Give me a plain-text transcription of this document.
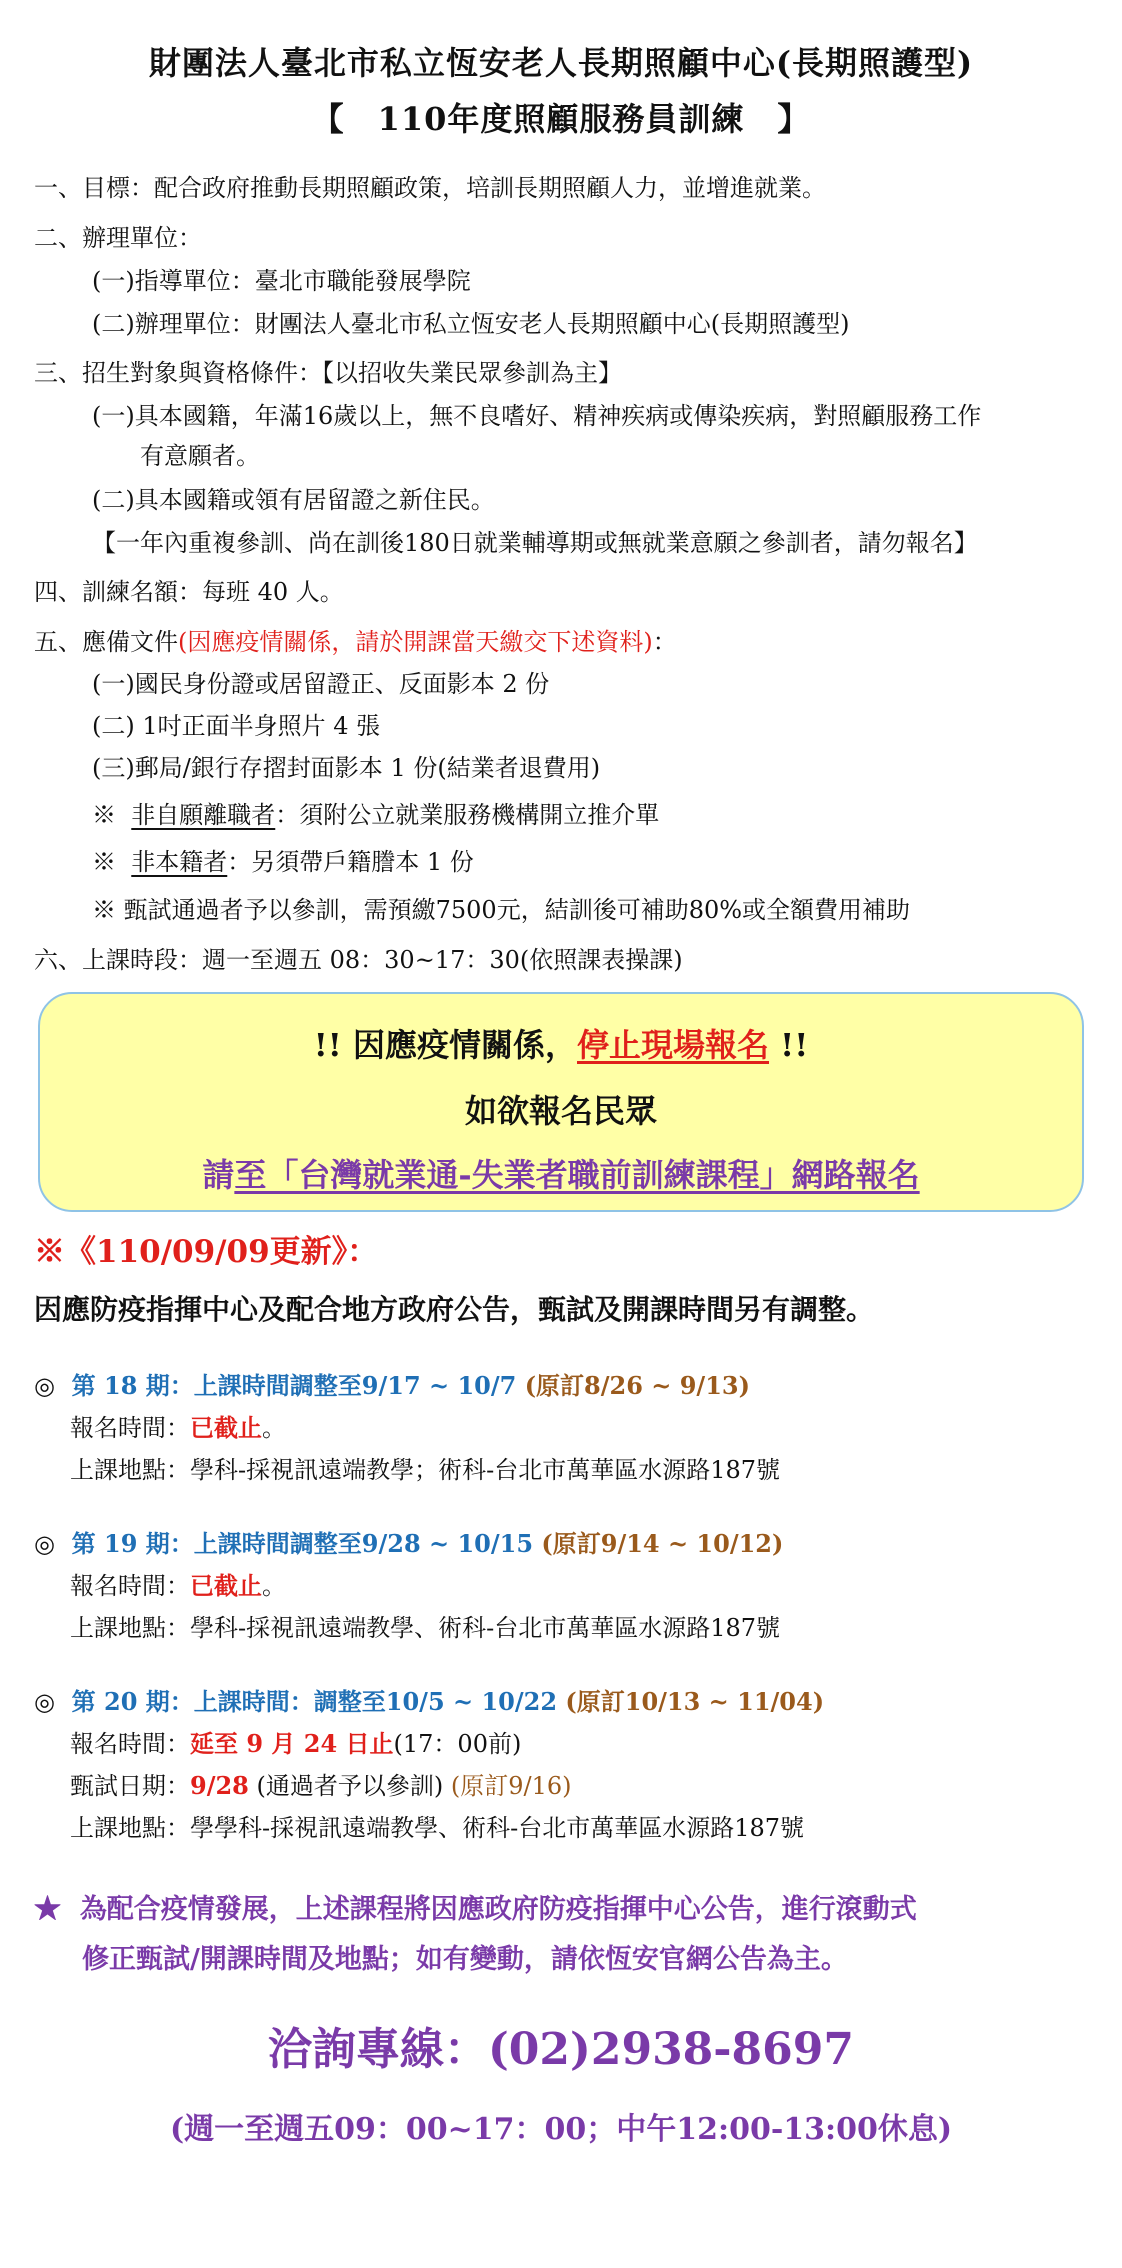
財團法人臺北市私立恆安老人長期照顧中心(長期照護型)
【　110年度照顧服務員訓練　】
一、目標：配合政府推動長期照顧政策，培訓長期照顧人力，並增進就業。
二、辦理單位：
(一)指導單位：臺北市職能發展學院
(二)辦理單位：財團法人臺北市私立恆安老人長期照顧中心(長期照護型)
三、招生對象與資格條件：【以招收失業民眾參訓為主】
(一)具本國籍，年滿16歲以上，無不良嗜好、精神疾病或傳染疾病，對照顧服務工作
有意願者。
(二)具本國籍或領有居留證之新住民。
【一年內重複參訓、尚在訓後180日就業輔導期或無就業意願之參訓者，請勿報名】
四、訓練名額：每班 40 人。
五、應備文件(因應疫情關係，請於開課當天繳交下述資料)：
(一)國民身份證或居留證正、反面影本 2 份
(二) 1吋正面半身照片 4 張
(三)郵局/銀行存摺封面影本 1 份(結業者退費用)
※ 非自願離職者：須附公立就業服務機構開立推介單
※ 非本籍者：另須帶戶籍謄本 1 份
※ 甄試通過者予以參訓，需預繳7500元，結訓後可補助80%或全額費用補助
六、上課時段：週一至週五 08：30~17：30(依照課表操課)
!! 因應疫情關係，停止現場報名 !!
如欲報名民眾
請至「台灣就業通-失業者職前訓練課程」網路報名
※《110/09/09更新》：
因應防疫指揮中心及配合地方政府公告，甄試及開課時間另有調整。
◎ 第 18 期：上課時間調整至9/17 ~ 10/7 (原訂8/26 ~ 9/13)
報名時間：已截止。
上課地點：學科-採視訊遠端教學；術科-台北市萬華區水源路187號
◎ 第 19 期：上課時間調整至9/28 ~ 10/15 (原訂9/14 ~ 10/12)
報名時間：已截止。
上課地點：學科-採視訊遠端教學、術科-台北市萬華區水源路187號
◎ 第 20 期：上課時間：調整至10/5 ~ 10/22 (原訂10/13 ~ 11/04)
報名時間：延至 9 月 24 日止(17：00前)
甄試日期：9/28 (通過者予以參訓) (原訂9/16)
上課地點：學學科-採視訊遠端教學、術科-台北市萬華區水源路187號
★ 為配合疫情發展，上述課程將因應政府防疫指揮中心公告，進行滾動式
修正甄試/開課時間及地點；如有變動，請依恆安官網公告為主。
洽詢專線：(02)2938-8697
(週一至週五09：00~17：00；中午12:00-13:00休息)
